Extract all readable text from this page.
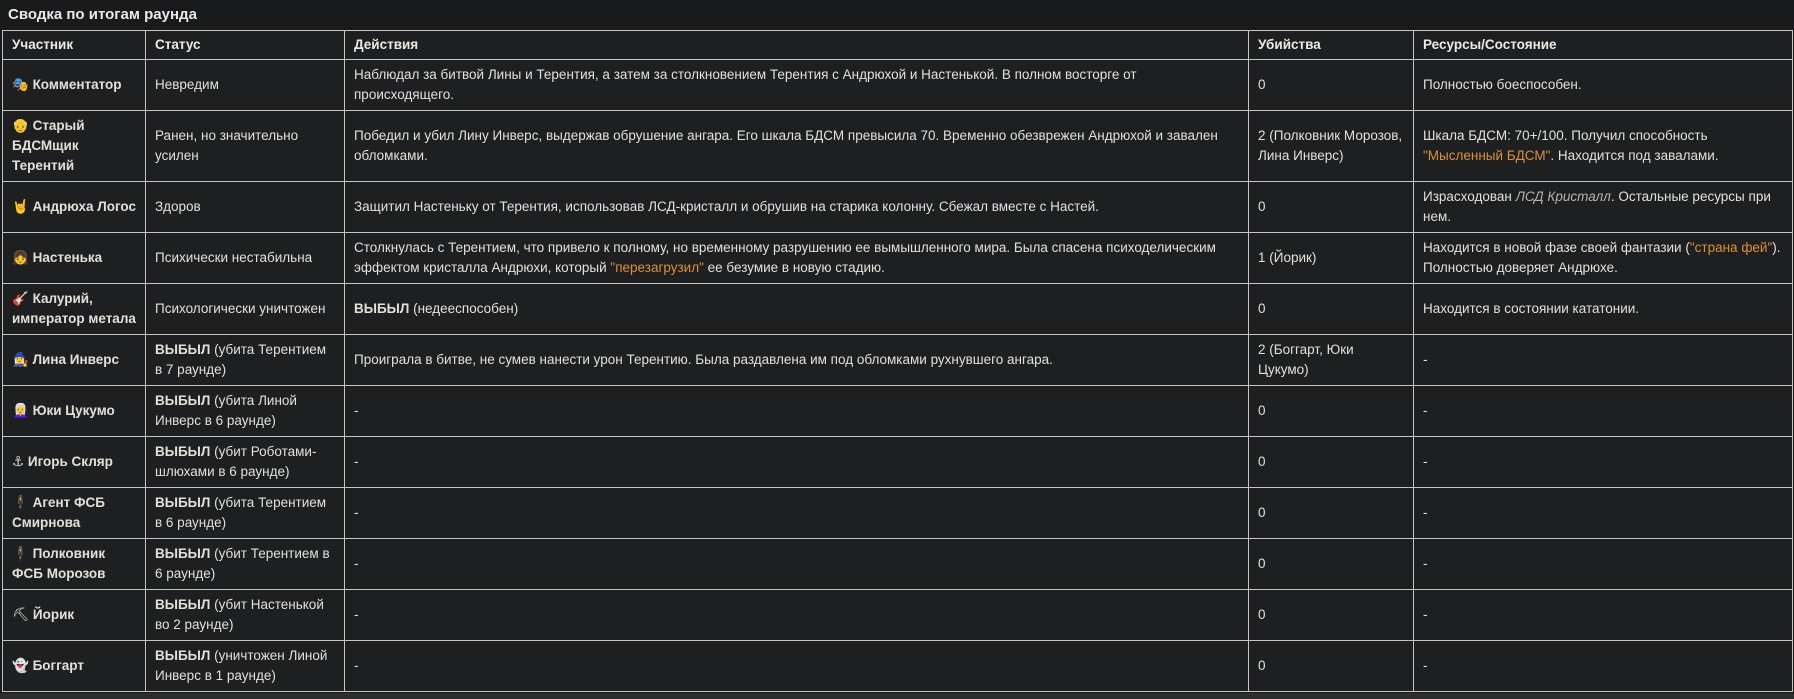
Сводка по итогам раунда
Участник	Статус	Действия	Убийства	Ресурсы/Состояние
🎭 Комментатор	Невредим	Наблюдал за битвой Лины и Терентия, а затем за столкновением Терентия с Андрюхой и Настенькой. В полном восторге от происходящего.	0	Полностью боеспособен.
👴 Старый БДСМщик Терентий	Ранен, но значительно усилен	Победил и убил Лину Инверс, выдержав обрушение ангара. Его шкала БДСМ превысила 70. Временно обезврежен Андрюхой и завален обломками.	2 (Полковник Морозов, Лина Инверс)	Шкала БДСМ: 70+/100. Получил способность "Мысленный БДСМ". Находится под завалами.
🤘 Андрюха Логос	Здоров	Защитил Настеньку от Терентия, использовав ЛСД-кристалл и обрушив на старика колонну. Сбежал вместе с Настей.	0	Израсходован ЛСД Кристалл. Остальные ресурсы при нем.
👧 Настенька	Психически нестабильна	Столкнулась с Терентием, что привело к полному, но временному разрушению ее вымышленного мира. Была спасена психоделическим эффектом кристалла Андрюхи, который "перезагрузил" ее безумие в новую стадию.	1 (Йорик)	Находится в новой фазе своей фантазии ("страна фей"). Полностью доверяет Андрюхе.
🎸 Калурий, император метала	Психологически уничтожен	ВЫБЫЛ (недееспособен)	0	Находится в состоянии кататонии.
🧙‍♀️ Лина Инверс	ВЫБЫЛ (убита Терентием в 7 раунде)	Проиграла в битве, не сумев нанести урон Терентию. Была раздавлена им под обломками рухнувшего ангара.	2 (Боггарт, Юки Цукумо)	-
👩‍🦳 Юки Цукумо	ВЫБЫЛ (убита Линой Инверс в 6 раунде)	-	0	-
⚓ Игорь Скляр	ВЫБЫЛ (убит Роботами-шлюхами в 6 раунде)	-	0	-
🕴 Агент ФСБ Смирнова	ВЫБЫЛ (убита Терентием в 6 раунде)	-	0	-
🕴 Полковник ФСБ Морозов	ВЫБЫЛ (убит Терентием в 6 раунде)	-	0	-
⛏ Йорик	ВЫБЫЛ (убит Настенькой во 2 раунде)	-	0	-
👻 Боггарт	ВЫБЫЛ (уничтожен Линой Инверс в 1 раунде)	-	0	-
